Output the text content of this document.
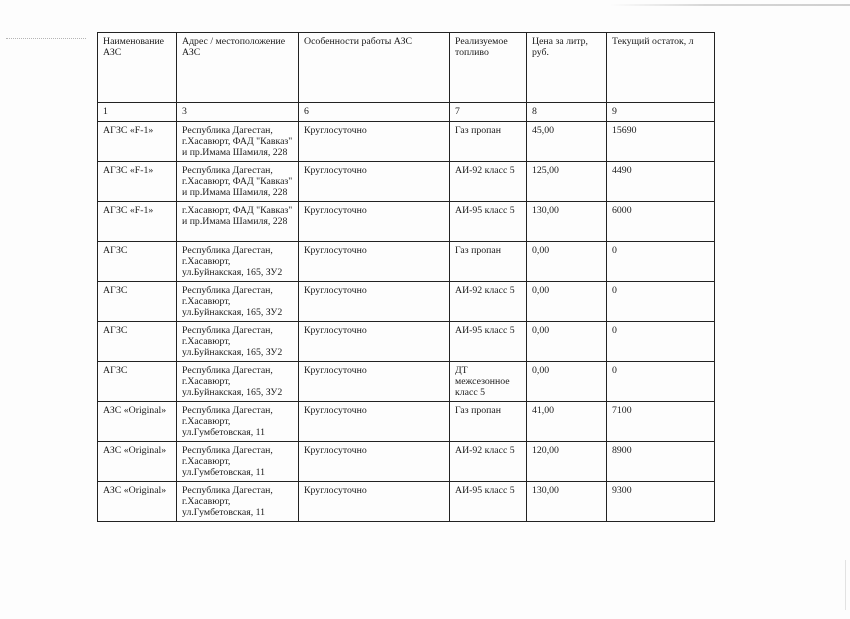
Наименование АЗС	Адрес / местоположение АЗС	Особенности работы АЗС	Реализуемое топливо	Цена за литр, руб.	Текущий остаток, л
1	3	6	7	8	9
АГЗС «F-1»	Республика Дагестан, г.Хасавюрт, ФАД "Кавказ" и пр.Имама Шамиля, 228	Круглосуточно	Газ пропан	45,00	15690
АГЗС «F-1»	Республика Дагестан, г.Хасавюрт, ФАД "Кавказ" и пр.Имама Шамиля, 228	Круглосуточно	АИ-92 класс 5	125,00	4490
АГЗС «F-1»	г.Хасавюрт, ФАД "Кавказ" и пр.Имама Шамиля, 228	Круглосуточно	АИ-95 класс 5	130,00	6000
АГЗС	Республика Дагестан, г.Хасавюрт, ул.Буйнакская, 165, ЗУ2	Круглосуточно	Газ пропан	0,00	0
АГЗС	Республика Дагестан, г.Хасавюрт, ул.Буйнакская, 165, ЗУ2	Круглосуточно	АИ-92 класс 5	0,00	0
АГЗС	Республика Дагестан, г.Хасавюрт, ул.Буйнакская, 165, ЗУ2	Круглосуточно	АИ-95 класс 5	0,00	0
АГЗС	Республика Дагестан, г.Хасавюрт, ул.Буйнакская, 165, ЗУ2	Круглосуточно	ДТ межсезонное класс 5	0,00	0
АЗС «Original»	Республика Дагестан, г.Хасавюрт, ул.Гумбетовская, 11	Круглосуточно	Газ пропан	41,00	7100
АЗС «Original»	Республика Дагестан, г.Хасавюрт, ул.Гумбетовская, 11	Круглосуточно	АИ-92 класс 5	120,00	8900
АЗС «Original»	Республика Дагестан, г.Хасавюрт, ул.Гумбетовская, 11	Круглосуточно	АИ-95 класс 5	130,00	9300
